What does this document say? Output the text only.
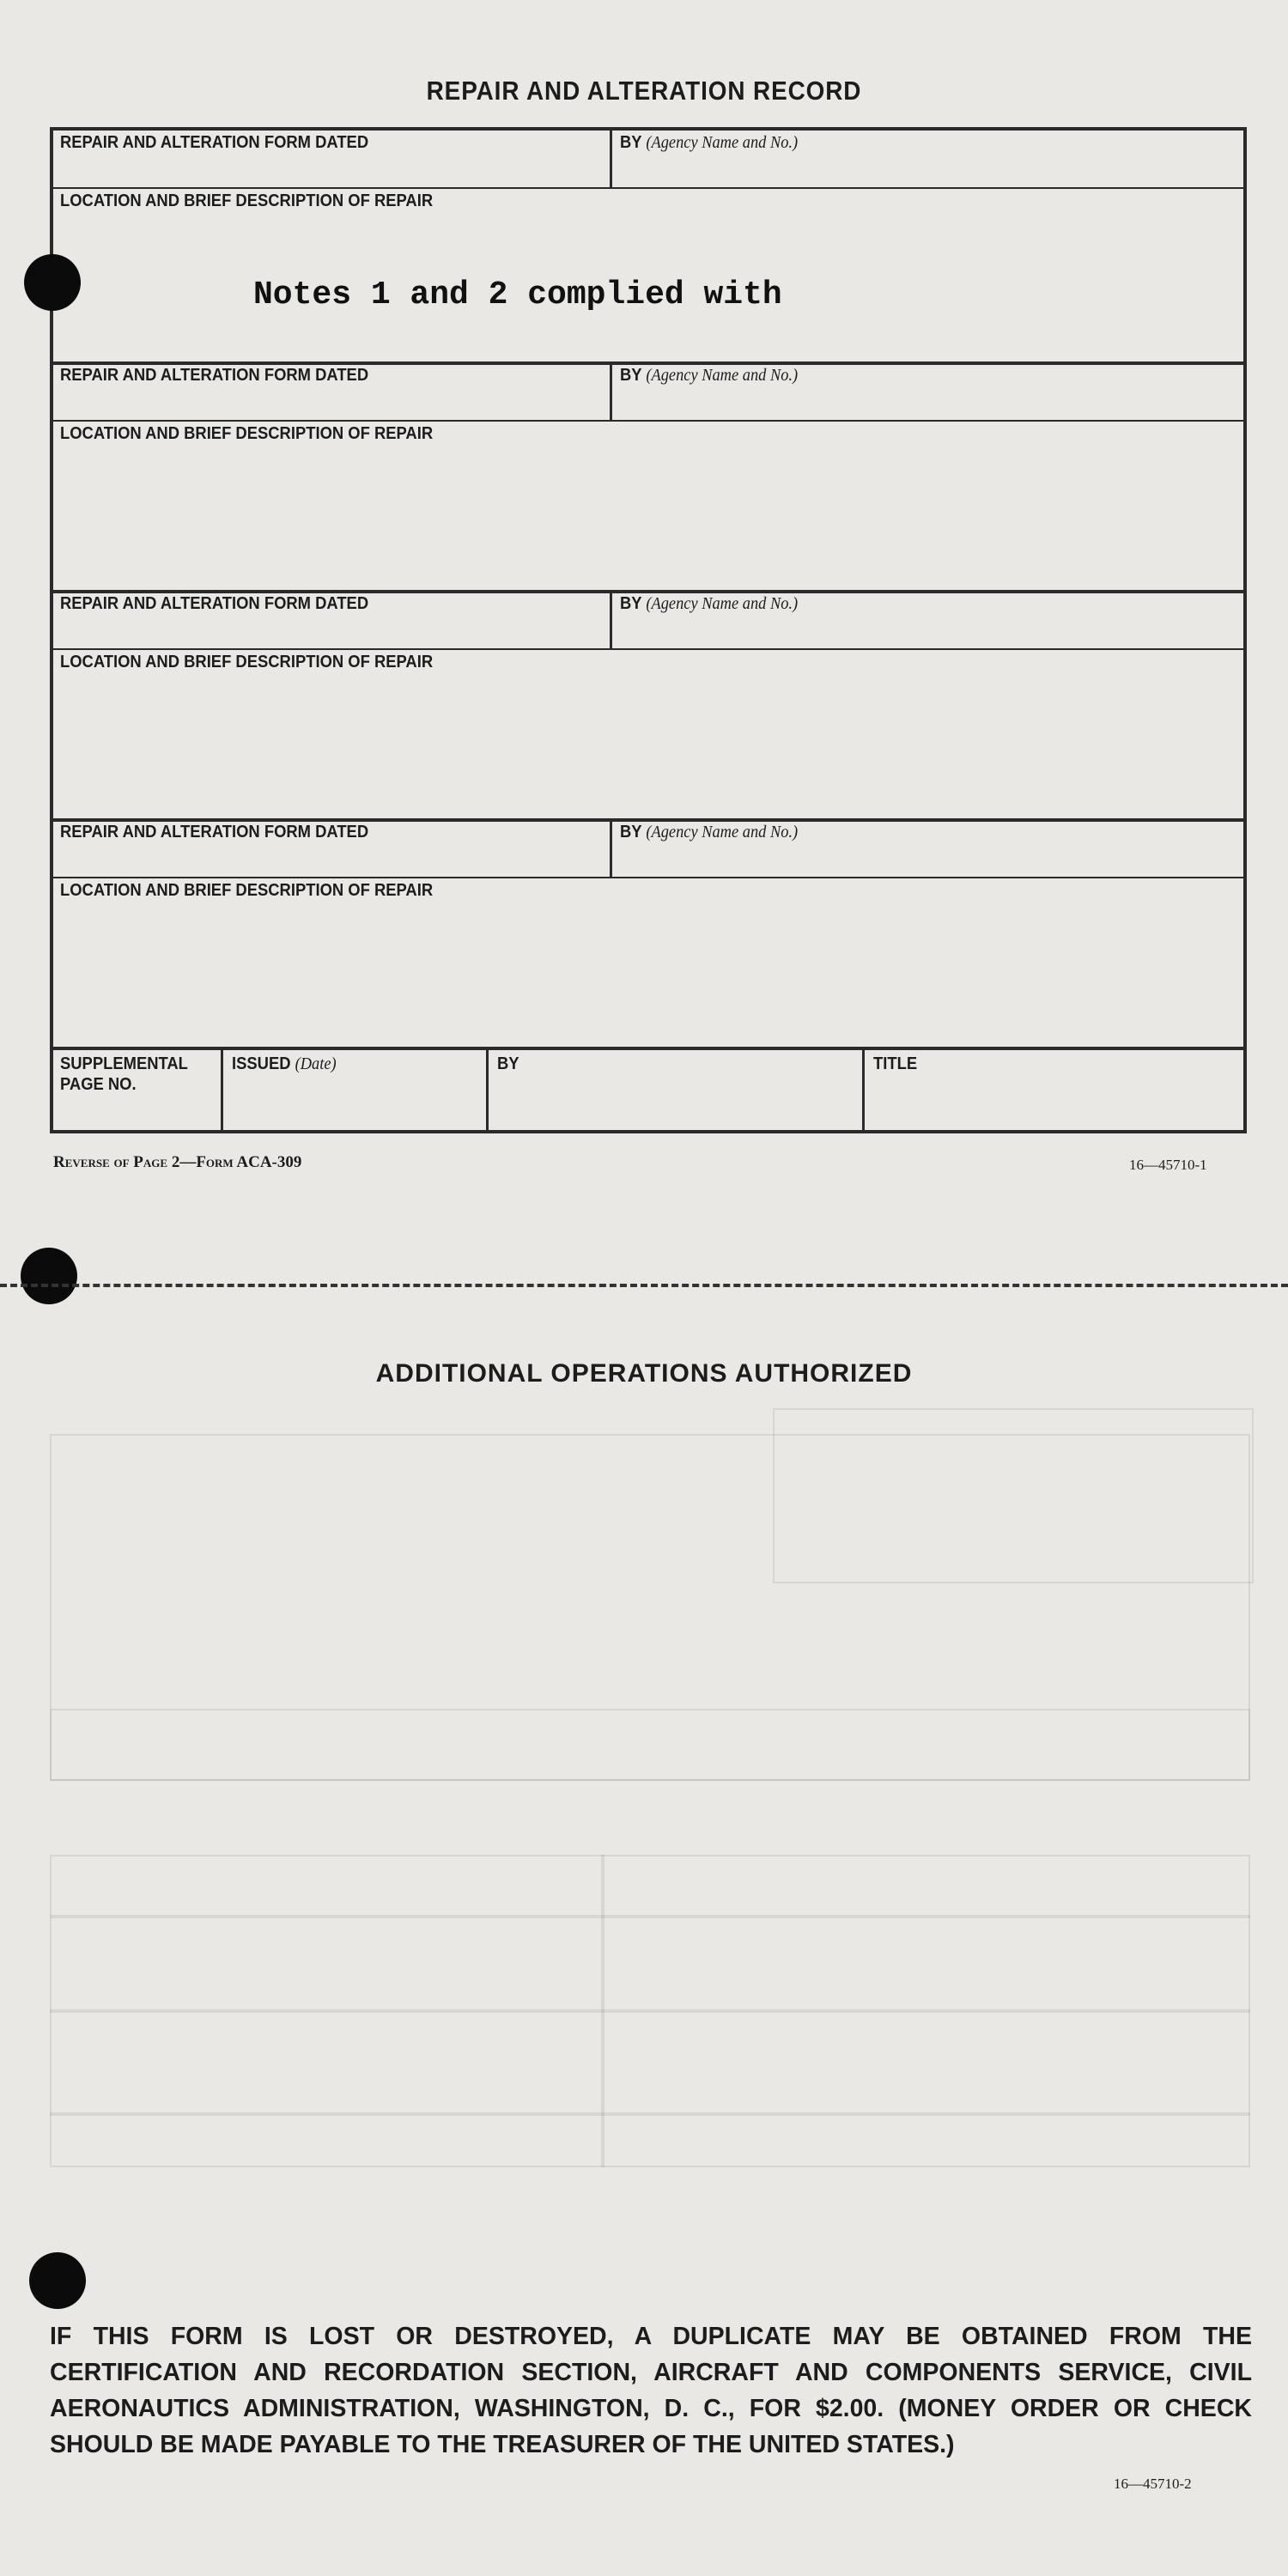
REPAIR AND ALTERATION RECORD
REPAIR AND ALTERATION FORM DATED	BY (Agency Name and No.)
LOCATION AND BRIEF DESCRIPTION OF REPAIR
Notes 1 and 2 complied with
REPAIR AND ALTERATION FORM DATED	BY (Agency Name and No.)
LOCATION AND BRIEF DESCRIPTION OF REPAIR
REPAIR AND ALTERATION FORM DATED	BY (Agency Name and No.)
LOCATION AND BRIEF DESCRIPTION OF REPAIR
REPAIR AND ALTERATION FORM DATED	BY (Agency Name and No.)
LOCATION AND BRIEF DESCRIPTION OF REPAIR
SUPPLEMENTAL
PAGE NO.
ISSUED (Date)	BY	TITLE
Reverse of Page 2—Form ACA-309	16—45710-1
ADDITIONAL OPERATIONS AUTHORIZED
IF THIS FORM IS LOST OR DESTROYED, A DUPLICATE MAY BE OBTAINED FROM THE CERTIFICATION AND RECORDATION SECTION, AIRCRAFT AND COMPONENTS SERVICE, CIVIL AERONAUTICS ADMINISTRATION, WASHINGTON, D. C., FOR $2.00. (MONEY ORDER OR CHECK SHOULD BE MADE PAYABLE TO THE TREASURER OF THE UNITED STATES.)
16—45710-2
